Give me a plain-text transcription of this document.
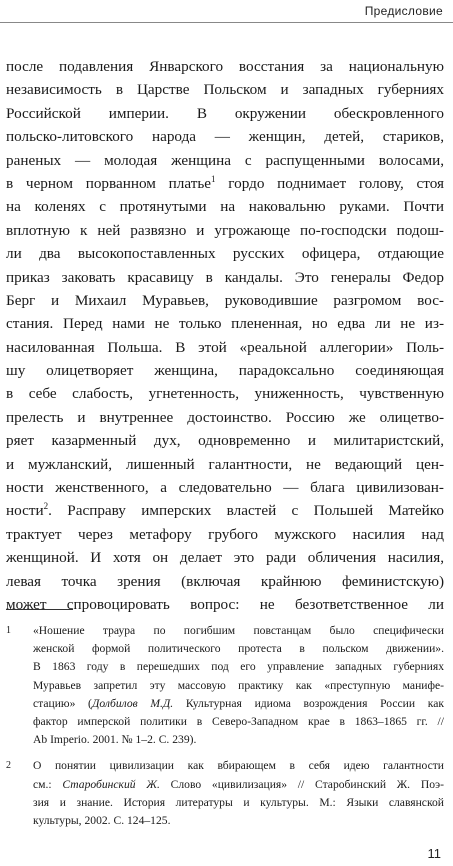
Предисловие
после подавления Январского восстания за национальную
независимость в Царстве Польском и западных губерниях
Российской империи. В окружении обескровленного
польско-литовского народа — женщин, детей, стариков,
раненых — молодая женщина с распущенными волосами,
в черном порванном платье$^1$ гордо поднимает голову, стоя
на коленях с протянутыми на наковальню руками. Почти
вплотную к ней развязно и угрожающе по-господски подош-
ли два высокопоставленных русских офицера, отдающие
приказ заковать красавицу в кандалы. Это генералы Федор
Берг и Михаил Муравьев, руководившие разгромом вос-
стания. Перед нами не только плененная, но едва ли не из-
насилованная Польша. В этой «реальной аллегории» Поль-
шу олицетворяет женщина, парадоксально соединяющая
в себе слабость, угнетенность, униженность, чувственную
прелесть и внутреннее достоинство. Россию же олицетво-
ряет казарменный дух, одновременно и милитаристский,
и мужланский, лишенный галантности, не ведающий цен-
ности женственного, а следовательно — блага цивилизован-
ности$^2$. Расправу имперских властей с Польшей Матейко
трактует через метафору грубого мужского насилия над
женщиной. И хотя он делает это ради обличения насилия,
левая точка зрения (включая крайнюю феминистскую)
может спровоцировать вопрос: не безответственное ли
1 «Ношение траура по погибшим повстанцам было специфически
женской формой политического протеста в польском движении».
В 1863 году в перешедших под его управление западных губерниях
Муравьев запретил эту массовую практику как «преступную манифе-
стацию» (Долбилов М.Д. Культурная идиома возрождения России как
фактор имперской политики в Северо-Западном крае в 1863–1865 гг. //
Ab Imperio. 2001. № 1–2. С. 239).
2 О понятии цивилизации как вбирающем в себя идею галантности
см.: Старобинский Ж. Слово «цивилизация» // Старобинский Ж. Поэ-
зия и знание. История литературы и культуры. М.: Языки славянской
культуры, 2002. С. 124–125.
11
